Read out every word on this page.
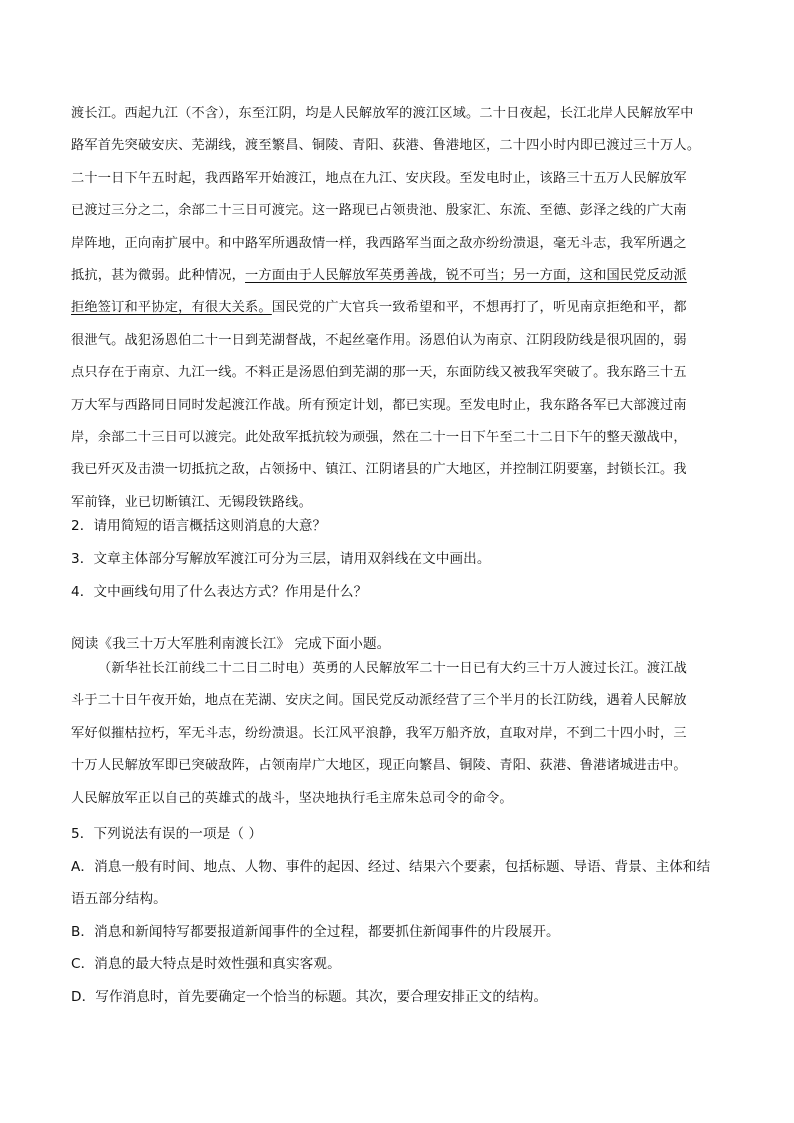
渡长江。西起九江（不含），东至江阴，均是人民解放军的渡江区域。二十日夜起，长江北岸人民解放军中
路军首先突破安庆、芜湖线，渡至繁昌、铜陵、青阳、荻港、鲁港地区，二十四小时内即已渡过三十万人。
二十一日下午五时起，我西路军开始渡江，地点在九江、安庆段。至发电时止，该路三十五万人民解放军
已渡过三分之二，余部二十三日可渡完。这一路现已占领贵池、殷家汇、东流、至德、彭泽之线的广大南
岸阵地，正向南扩展中。和中路军所遇敌情一样，我西路军当面之敌亦纷纷溃退，毫无斗志，我军所遇之
抵抗，甚为微弱。此种情况，一方面由于人民解放军英勇善战，锐不可当；另一方面，这和国民党反动派
拒绝签订和平协定，有很大关系。国民党的广大官兵一致希望和平，不想再打了，听见南京拒绝和平，都
很泄气。战犯汤恩伯二十一日到芜湖督战，不起丝毫作用。汤恩伯认为南京、江阴段防线是很巩固的，弱
点只存在于南京、九江一线。不料正是汤恩伯到芜湖的那一天，东面防线又被我军突破了。我东路三十五
万大军与西路同日同时发起渡江作战。所有预定计划，都已实现。至发电时止，我东路各军已大部渡过南
岸，余部二十三日可以渡完。此处敌军抵抗较为顽强，然在二十一日下午至二十二日下午的整天激战中，
我已歼灭及击溃一切抵抗之敌，占领扬中、镇江、江阴诸县的广大地区，并控制江阴要塞，封锁长江。我
军前锋，业已切断镇江、无锡段铁路线。
2．请用简短的语言概括这则消息的大意？
3．文章主体部分写解放军渡江可分为三层，请用双斜线在文中画出。
4．文中画线句用了什么表达方式？作用是什么？
阅读《我三十万大军胜利南渡长江》 完成下面小题。
（新华社长江前线二十二日二时电）英勇的人民解放军二十一日已有大约三十万人渡过长江。渡江战
斗于二十日午夜开始，地点在芜湖、安庆之间。国民党反动派经营了三个半月的长江防线，遇着人民解放
军好似摧枯拉朽，军无斗志，纷纷溃退。长江风平浪静，我军万船齐放，直取对岸，不到二十四小时，三
十万人民解放军即已突破敌阵，占领南岸广大地区，现正向繁昌、铜陵、青阳、荻港、鲁港诸城进击中。
人民解放军正以自己的英雄式的战斗，坚决地执行毛主席朱总司令的命令。
5．下列说法有误的一项是（ ）
A．消息一般有时间、地点、人物、事件的起因、经过、结果六个要素，包括标题、导语、背景、主体和结
语五部分结构。
B．消息和新闻特写都要报道新闻事件的全过程，都要抓住新闻事件的片段展开。
C．消息的最大特点是时效性强和真实客观。
D．写作消息时，首先要确定一个恰当的标题。其次，要合理安排正文的结构。
